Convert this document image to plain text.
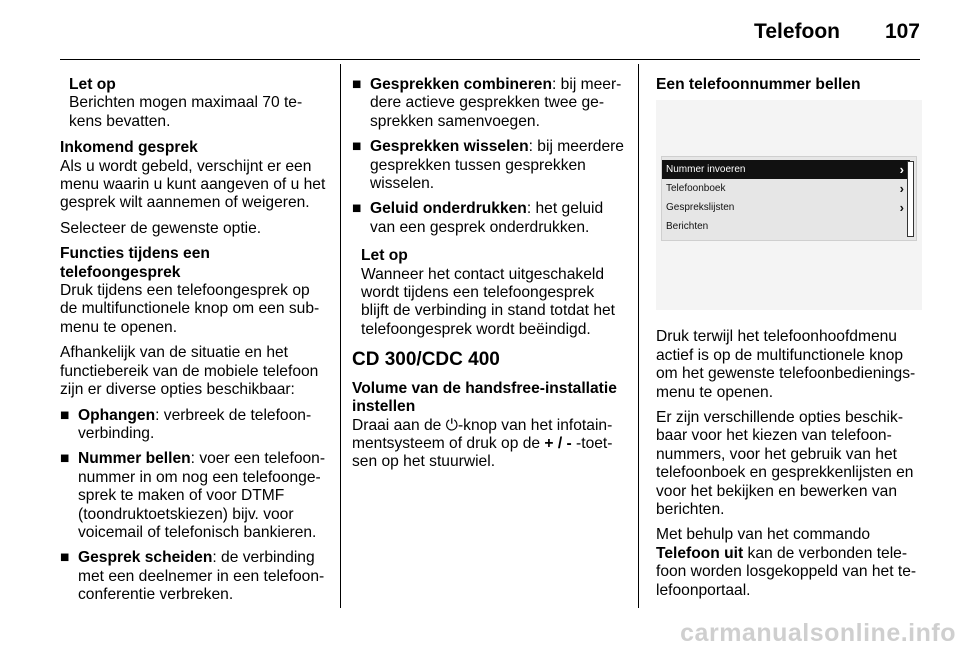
Telefoon 107
Let op
Berichten mogen maximaal 70 te-kens bevatten.
Inkomend gesprek

Als u wordt gebeld, verschijnt er een menu waarin u kunt aangeven of u het gesprek wilt aannemen of weigeren.

Selecteer de gewenste optie.

Functies tijdens een telefoongesprek

Druk tijdens een telefoongesprek op de multifunctionele knop om een sub-menu te openen.

Afhankelijk van de situatie en het functiebereik van de mobiele telefoon zijn er diverse opties beschikbaar:

■ Ophangen: verbreek de telefoon-verbinding.
■ Nummer bellen: voer een telefoon-nummer in om nog een telefoonge-sprek te maken of voor DTMF (toondruktoetskiezen) bijv. voor voicemail of telefonisch bankieren.
■ Gesprek scheiden: de verbinding met een deelnemer in een telefoon-conferentie verbreken.
■ Gesprekken combineren: bij meer-dere actieve gesprekken twee ge-sprekken samenvoegen.
■ Gesprekken wisselen: bij meerdere gesprekken tussen gesprekken wisselen.
■ Geluid onderdrukken: het geluid van een gesprek onderdrukken.
Let op
Wanneer het contact uitgeschakeld wordt tijdens een telefoongesprek blijft de verbinding in stand totdat het telefoongesprek wordt beëindigd.
CD 300/CDC 400
Volume van de handsfree-installatie instellen

Draai aan de ⏻-knop van het infotain-mentsysteem of druk op de + / - -toet-sen op het stuurwiel.

Een telefoonnummer bellen
Nummer invoeren	›
Telefoonboek	›
Gesprekslijsten	›
Berichten

Druk terwijl het telefoonhoofdmenu actief is op de multifunctionele knop om het gewenste telefoonbedienings-menu te openen.

Er zijn verschillende opties beschik-baar voor het kiezen van telefoon-nummers, voor het gebruik van het telefoonboek en gesprekkenlijsten en voor het bekijken en bewerken van berichten.

Met behulp van het commando Telefoon uit kan de verbonden tele-foon worden losgekoppeld van het te-lefoonportaal.

carmanualsonline.info
